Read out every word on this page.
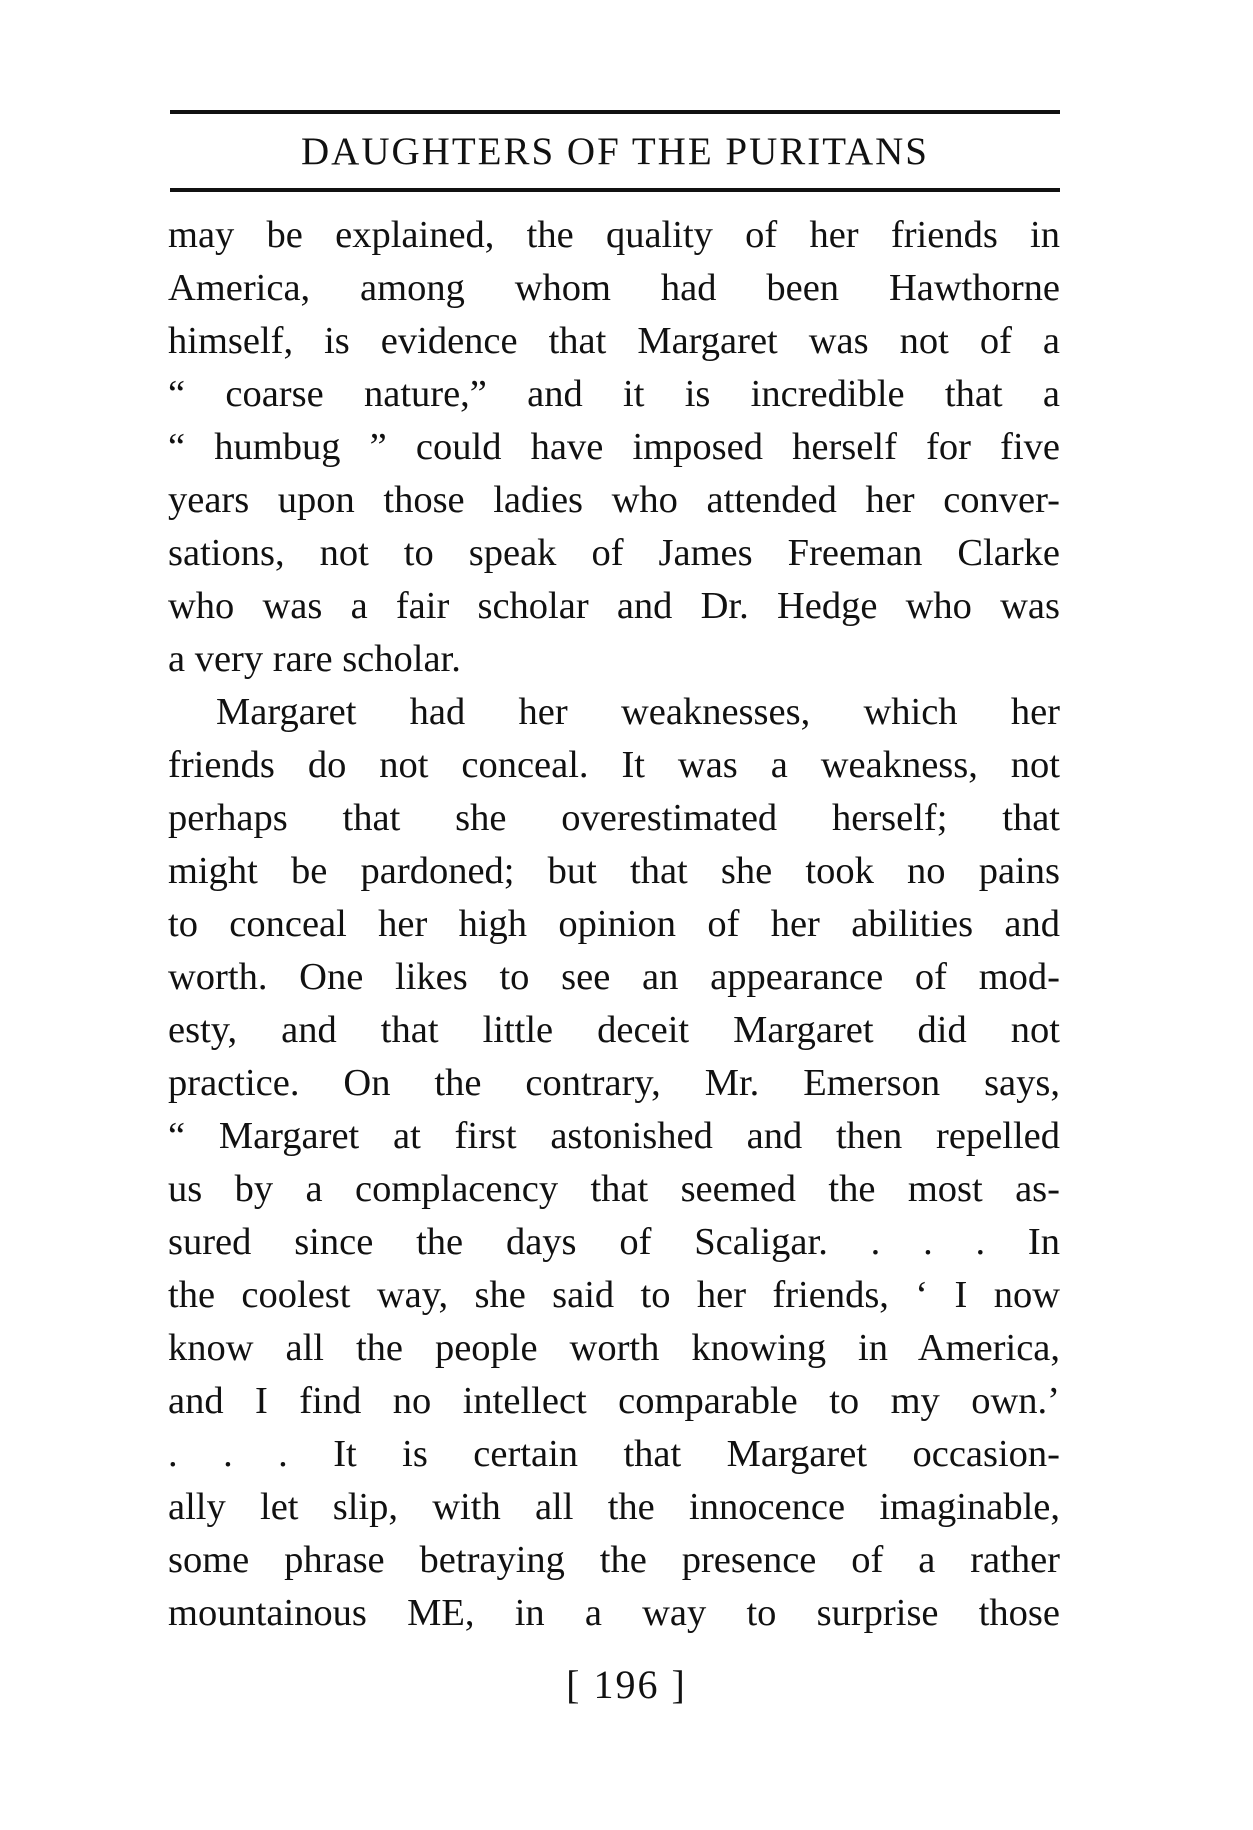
DAUGHTERS OF THE PURITANS
may be explained, the quality of her friends in
America, among whom had been Hawthorne
himself, is evidence that Margaret was not of a
“ coarse nature,” and it is incredible that a
“ humbug ” could have imposed herself for five
years upon those ladies who attended her conver-
sations, not to speak of James Freeman Clarke
who was a fair scholar and Dr. Hedge who was
a very rare scholar.
Margaret had her weaknesses, which her
friends do not conceal. It was a weakness, not
perhaps that she overestimated herself; that
might be pardoned; but that she took no pains
to conceal her high opinion of her abilities and
worth. One likes to see an appearance of mod-
esty, and that little deceit Margaret did not
practice. On the contrary, Mr. Emerson says,
“ Margaret at first astonished and then repelled
us by a complacency that seemed the most as-
sured since the days of Scaligar. . . . In
the coolest way, she said to her friends, ‘ I now
know all the people worth knowing in America,
and I find no intellect comparable to my own.’
. . . It is certain that Margaret occasion-
ally let slip, with all the innocence imaginable,
some phrase betraying the presence of a rather
mountainous ME, in a way to surprise those
[ 196 ]
